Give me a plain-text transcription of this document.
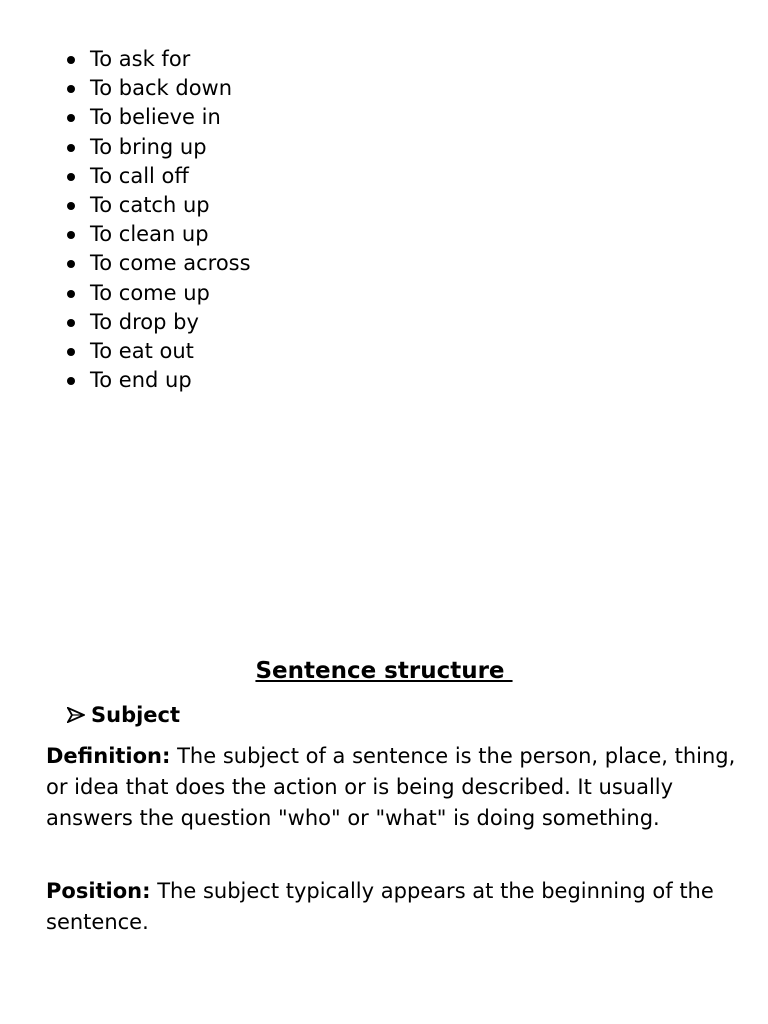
To ask for
To back down
To believe in
To bring up
To call off
To catch up
To clean up
To come across
To come up
To drop by
To eat out
To end up
Sentence structure
Subject

Definition: The subject of a sentence is the person, place, thing, or idea that does the action or is being described. It usually answers the question "who" or "what" is doing something.

Position: The subject typically appears at the beginning of the sentence.
